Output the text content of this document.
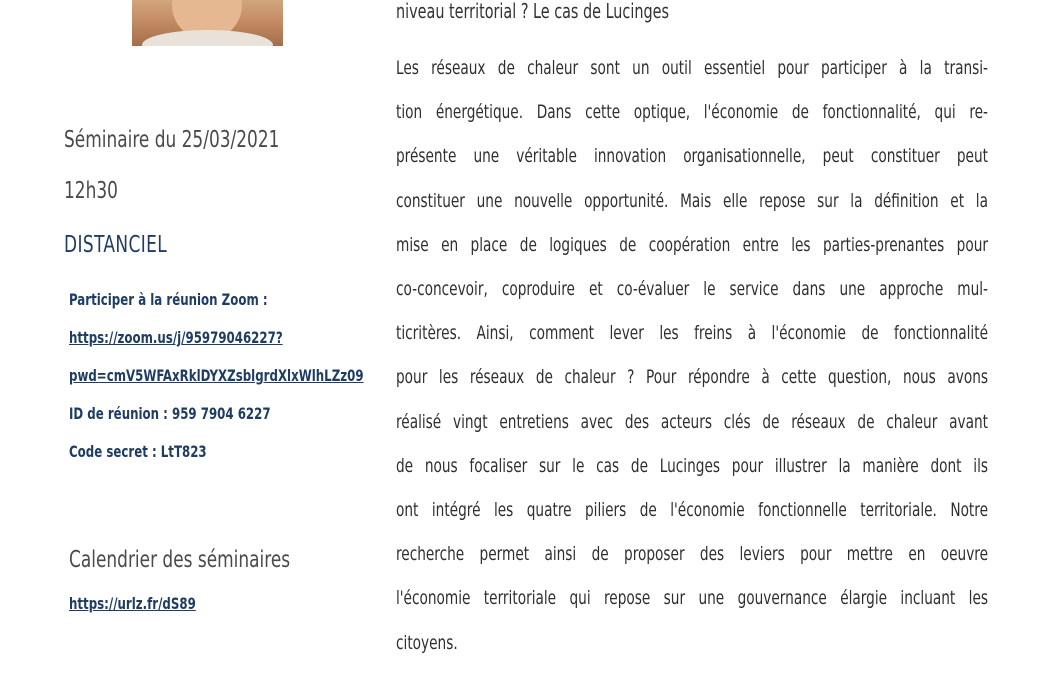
Séminaire du 25/03/2021
12h30
DISTANCIEL
Participer à la réunion Zoom :
https://zoom.us/j/95979046227?
pwd=cmV5WFAxRklDYXZsblgrdXlxWlhLZz09
ID de réunion : 959 7904 6227
Code secret : LtT823
Calendrier des séminaires
https://urlz.fr/dS89
niveau territorial ? Le cas de Lucinges
Les réseaux de chaleur sont un outil essentiel pour participer à la transi-
tion énergétique. Dans cette optique, l'économie de fonctionnalité, qui re-
présente une véritable innovation organisationnelle, peut constituer peut
constituer une nouvelle opportunité. Mais elle repose sur la définition et la
mise en place de logiques de coopération entre les parties-prenantes pour
co-concevoir, coproduire et co-évaluer le service dans une approche mul-
ticritères. Ainsi, comment lever les freins à l'économie de fonctionnalité
pour les réseaux de chaleur ? Pour répondre à cette question, nous avons
réalisé vingt entretiens avec des acteurs clés de réseaux de chaleur avant
de nous focaliser sur le cas de Lucinges pour illustrer la manière dont ils
ont intégré les quatre piliers de l'économie fonctionnelle territoriale. Notre
recherche permet ainsi de proposer des leviers pour mettre en oeuvre
l'économie territoriale qui repose sur une gouvernance élargie incluant les
citoyens.
